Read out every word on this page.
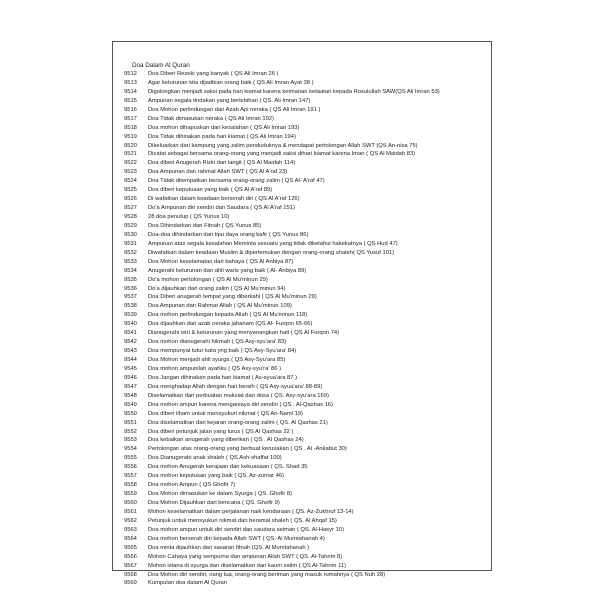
Doa Dalam Al Quran
9512 Doa Diberi Rezeki yang banyak ( QS Ali Imran 26 )
9513 Agar keturunan kita dijadikan orang baik ( QS Ali Imran Ayat 38 )
9514 Digolongkan menjadi saksi pada hari kiamat karena keimanan ketaatan kepada Rosulullah SAW(QS Ali Imran 53)
9515 Ampunan segala tindakan yang berlebihan ( QS. Ali Imran 147)
9516 Doa Mohon perlindungan dari Azab Api neraka ( QS Ali Imran 191 )
9517 Doa Tidak dimasukan neraka ( QS Ali Imran 192)
9518 Doa mohon dihapuskan dari kesalahan ( QS Ali Imran 193)
9519 Doa Tidak dihinakan pada hari kiamat ( QS Ali Imran 194)
9520 Dikeluarkan dari kampung yang zalim penduduknya & mendapat pertolongan Allah SWT (QS An-nisa 75)
9521 Dicatat sebagai bersama orang-orang yang menjadi saksi dihari kiamat karena Iman ( QS Al Maidah 83)
9522 Doa diberi Anugerah Rizki dari langit ( QS Al Maidah 114)
9523 Doa Ampunan dan rahmat Allah SWT ( QS Al A'raf 23)
9524 Doa Tidak ditempatkan bersama orang-orang zalim ( QS Al- A'raf 47)
9525 Doa diberi keputusan yang baik ( QS Al A'raf 89)
9526 Di wafatkan dalam keadaan berserah diri ( QS Al A'raf 126)
9527 Do'a Ampunan diri sendiri dan Saudara ( QS Al A'raf 151)
9528 28 doa penutup ( QS Yunus 10)
9529 Doa Dihindarkan dari Fitnah ( QS Yunus 85)
9530 Doa-doa dihindarkan dari tipu daya orang kafir ( QS Yunus 86)
9531 Ampunan atas segala kesalahan Meminta sesuatu yang tidak diketahui hakekatnya ( QS Hud 47)
9532 Diwafatkan dalam keadaan Muslim & dipertemukan dengan orang-orang shaleh( QS Yusuf 101)
9533 Doa Mohon keselamatan dari bahaya ( QS Al Anbiya 87)
9534 Anugerahi keturunan dan ahli waris yang baik ( Al- Anbiya 89)
9535 Do'a mohon pertolongan ( QS Al Mu'minun 29)
9536 Do'a dijauhkan dari orang zalim ( QS Al Mu'minun 94)
9537 Doa Diberi anugerah tempat yang diberkahi ( QS Al Mu'minun 29)
9538 Doa Ampunan dan Rahmat Allah ( QS Al Mu'minun 109)
9539 Doa mohon perlindungan kepada Allah ( QS Al Mu'minun 118)
9540 Doa dijauhkan dari azab neraka jahanam (QS Al- Furqon 65-66)
9541 Dianugerahi istri & keturunan yang menyenangkan hati ( QS Al Furqon 74)
9542 Doa mohon dianugerahi hikmah ( QS Asy-syu'ara' 83)
9543 Doa mempunyai tutur kata yng baik ( QS Asy-Syu'ara' 84)
9544 Doa Mohon menjadi ahli syurga ( QS Asy-Syu'ara 85)
9545 Doa mohon ampunilah ayahku ( QS Asy-syu'ra' 86 )
9546 Doa Jangan dihinakan pada hari kiamat ( As-syua'ara 87 )
9547 Doa menghadap Allah dengan hari bersih ( QS Asy-syua'ara' 88-89)
9548 Diselamatkan dari perbuatan maksiat dan dosa ( QS. Asy-syu'ara 169)
9549 Doa mohon ampun karena menganiaya diri sendiri ( QS . Al-Qashas 16)
9550 Doa diberi ilham untuk mensyukuri nikmat ( QS An-Naml 19)
9551 Doa diselamatkan dari kejaran orang-orang zalim ( QS. Al Qashas 21)
9552 Doa diberi petunjuk jalan yang lurus ( QS Al Qashas 22 )
9553 Doa kebaikan anugerah yang diberikan ( QS . Al Qashas 24)
9554 Pertolongan atas orang-orang yang berbuat kerusakan ( QS . Al -Ankabut 30)
9555 Doa Dianugerahi anak shaleh ( QS Ash-shaffat 100)
9556 Doa mohon Anugerah kerajaan dan kekuasaan ( QS. Shad 35
9557 Doa mohon keputusan yang baik ( QS. Az-zumar 46)
9558 Doa mohon Ampun ( QS Ghofir 7)
9559 Doa Mohon dimasukan ke dalam Syurga ( QS. Ghofir 8)
9560 Doa Mohon Dijauhkan dari bencana ( QS. Ghofir 9)
9561 Mohon keselamatkan dalam perjalanan naik kendaraan ( QS. Az-Zukhruf 13-14)
9562 Petunjuk untuk mensyukuri nikmat dan beramal shaleh ( QS. Al Ahqaf 15)
9563 Doa mohon ampun untuk diri sendiri dan saudara seiman ( QS. Al-Hasyr 10)
9564 Doa mohon berserah diri kepada Allah SWT ( QS. Al Mumtahanah 4)
9565 Doa minta dijauhkan dari sasaran fitnah (QS. Al Mumtahanah )
9566 Mohon Cahaya yang sempurna dan ampunan Allah SWT ( QS. Al-Tahrim 8)
9567 Mohon istana di syurga dan diselamatkan dari kaum zalim ( QS Al-Tahrim 11)
9568 Doa Mohon diri sendiri, oang tua, orang-orang beriman yang masuk rumahnya ( QS Nuh 28)
9569 Kumpulan doa dalam Al Quran
